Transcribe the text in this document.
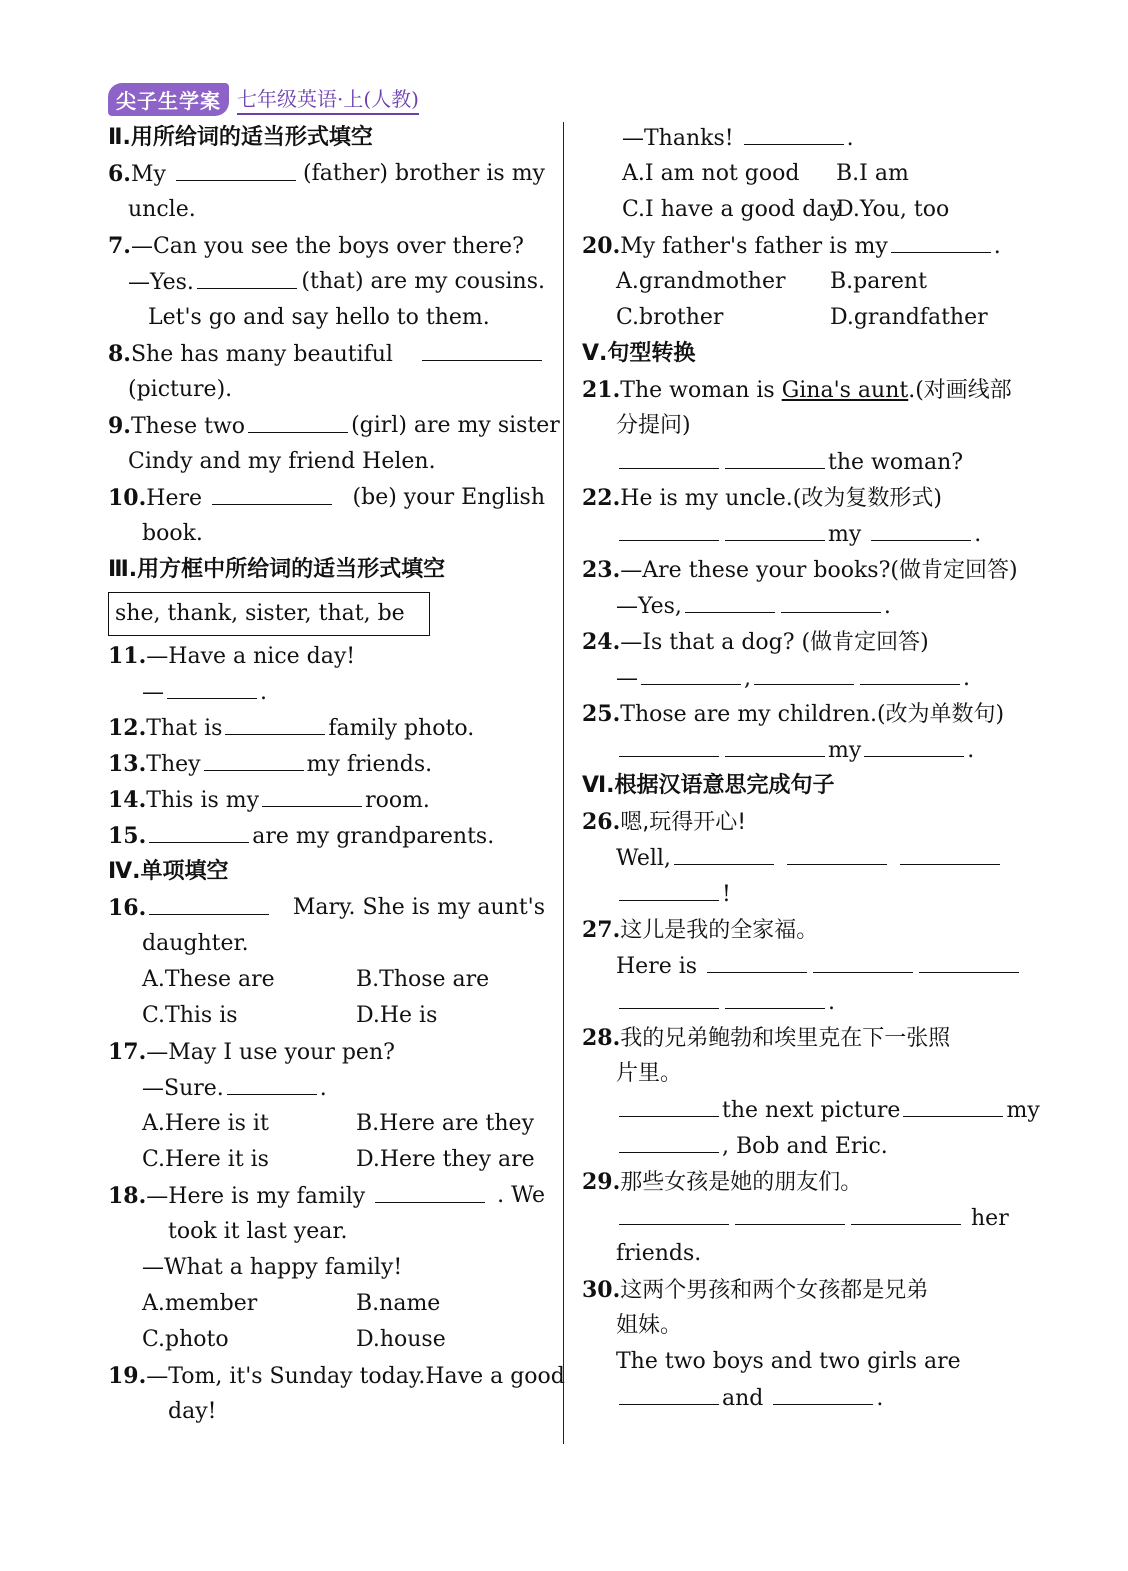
尖子生学案 七年级英语·上(人教)
Ⅱ.用所给词的适当形式填空
6.My	(father) brother is my
uncle.
7.—Can you see the boys over there?
—Yes.	(that) are my cousins.
Let's go and say hello to them.
8.She has many beautiful
(picture).
9.These two	(girl) are my sister
Cindy and my friend Helen.
10.Here	(be) your English
book.
Ⅲ.用方框中所给词的适当形式填空
she, thank, sister, that, be
11.—Have a nice day!
—	.
12.That is	family photo.
13.They	my friends.
14.This is my	room.
15.	are my grandparents.
Ⅳ.单项填空
16.	Mary. She is my aunt's
daughter.
A.These are	B.Those are
C.This is	D.He is
17.—May I use your pen?
—Sure.	.
A.Here is it	B.Here are they
C.Here it is	D.Here they are
18.—Here is my family	. We
took it last year.
—What a happy family!
A.member	B.name
C.photo	D.house
19.—Tom, it's Sunday today.Have a good
day!
—Thanks!	.
A.I am not good	B.I am
C.I have a good day
D.You, too
20.My father's father is my	.
A.grandmother	B.parent
C.brother	D.grandfather
Ⅴ.句型转换
21.The woman is Gina's aunt.(对画线部
分提问)
the woman?
22.He is my uncle.(改为复数形式)
my	.
23.—Are these your books?(做肯定回答)
—Yes,	.
24.—Is that a dog? (做肯定回答)
—	,	.
25.Those are my children.(改为单数句)
my	.
Ⅵ.根据汉语意思完成句子
26.嗯,玩得开心!
Well,
!
27.这儿是我的全家福。
Here is
.
28.我的兄弟鲍勃和埃里克在下一张照
片里。
the next picture	my
, Bob and Eric.
29.那些女孩是她的朋友们。
her
friends.
30.这两个男孩和两个女孩都是兄弟
姐妹。
The two boys and two girls are
and	.
